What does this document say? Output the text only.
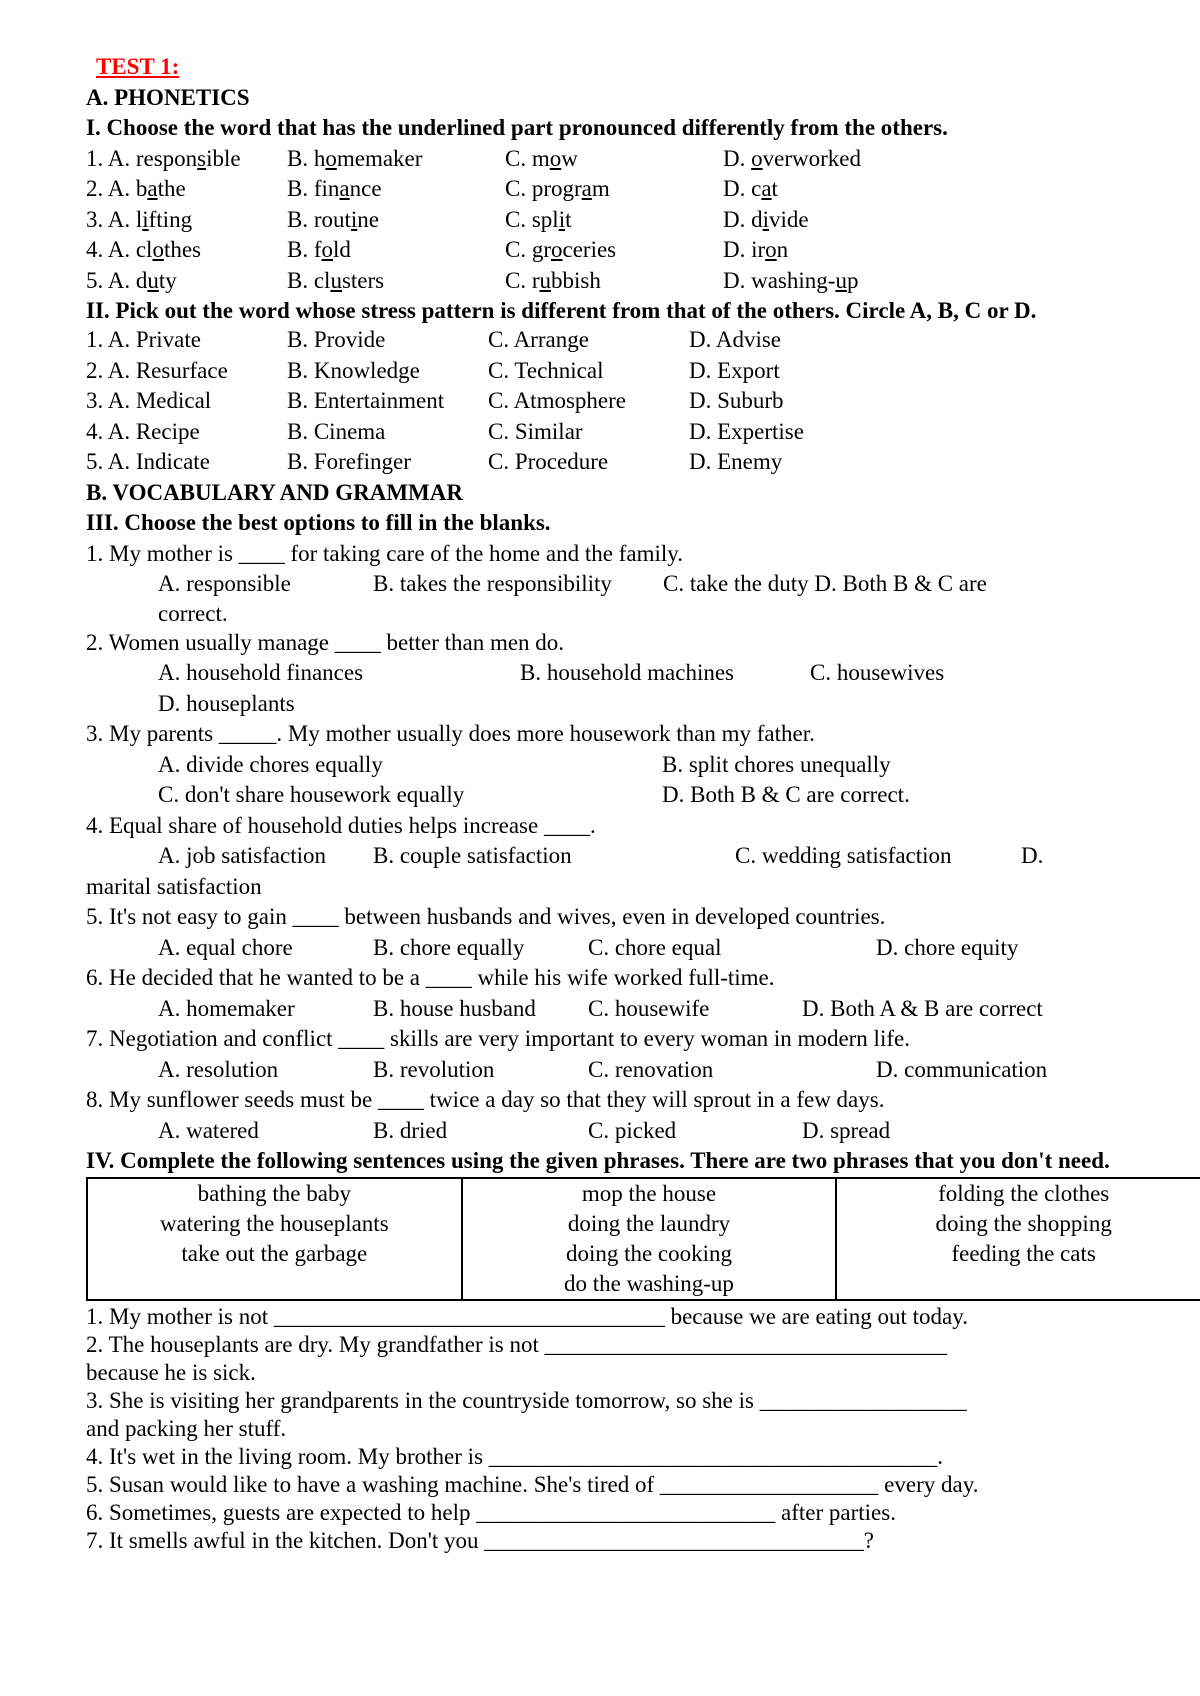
TEST 1:
A. PHONETICS
I. Choose the word that has the underlined part pronounced differently from the others.
1. A. responsible	B. homemaker	C. mow	D. overworked
2. A. bathe	B. finance	C. program	D. cat
3. A. lifting	B. routine	C. split	D. divide
4. A. clothes	B. fold	C. groceries	D. iron
5. A. duty	B. clusters	C. rubbish	D. washing-up
II. Pick out the word whose stress pattern is different from that of the others. Circle A, B, C or D.
1. A. Private	B. Provide	C. Arrange	D. Advise
2. A. Resurface	B. Knowledge	C. Technical	D. Export
3. A. Medical	B. Entertainment	C. Atmosphere	D. Suburb
4. A. Recipe	B. Cinema	C. Similar	D. Expertise
5. A. Indicate	B. Forefinger	C. Procedure	D. Enemy
B. VOCABULARY AND GRAMMAR
III. Choose the best options to fill in the blanks.
1. My mother is ____ for taking care of the home and the family.
A. responsible	B. takes the responsibility C. take the duty D. Both B & C are
correct.
2. Women usually manage ____ better than men do.
A. household finances	B. household machines	C. housewives
D. houseplants
3. My parents _____. My mother usually does more housework than my father.
A. divide chores equally	B. split chores unequally
C. don't share housework equally	D. Both B & C are correct.
4. Equal share of household duties helps increase ____.
A. job satisfaction B. couple satisfaction	C. wedding satisfaction	D.
marital satisfaction
5. It's not easy to gain ____ between husbands and wives, even in developed countries.
A. equal chore	B. chore equally	C. chore equal	D. chore equity
6. He decided that he wanted to be a ____ while his wife worked full-time.
A. homemaker	B. house husband C. housewife	D. Both A & B are correct
7. Negotiation and conflict ____ skills are very important to every woman in modern life.
A. resolution	B. revolution	C. renovation	D. communication
8. My sunflower seeds must be ____ twice a day so that they will sprout in a few days.
A. watered	B. dried	C. picked	D. spread
IV. Complete the following sentences using the given phrases. There are two phrases that you don't need.
bathing the baby
watering the houseplants
take out the garbage

mop the house
doing the laundry
doing the cooking
do the washing-up

folding the clothes
doing the shopping
feeding the cats
1. My mother is not __________________________________ because we are eating out today.
2. The houseplants are dry. My grandfather is not ___________________________________
because he is sick.
3. She is visiting her grandparents in the countryside tomorrow, so she is __________________
and packing her stuff.
4. It's wet in the living room. My brother is _______________________________________.
5. Susan would like to have a washing machine. She's tired of ___________________ every day.
6. Sometimes, guests are expected to help __________________________ after parties.
7. It smells awful in the kitchen. Don't you _________________________________?
